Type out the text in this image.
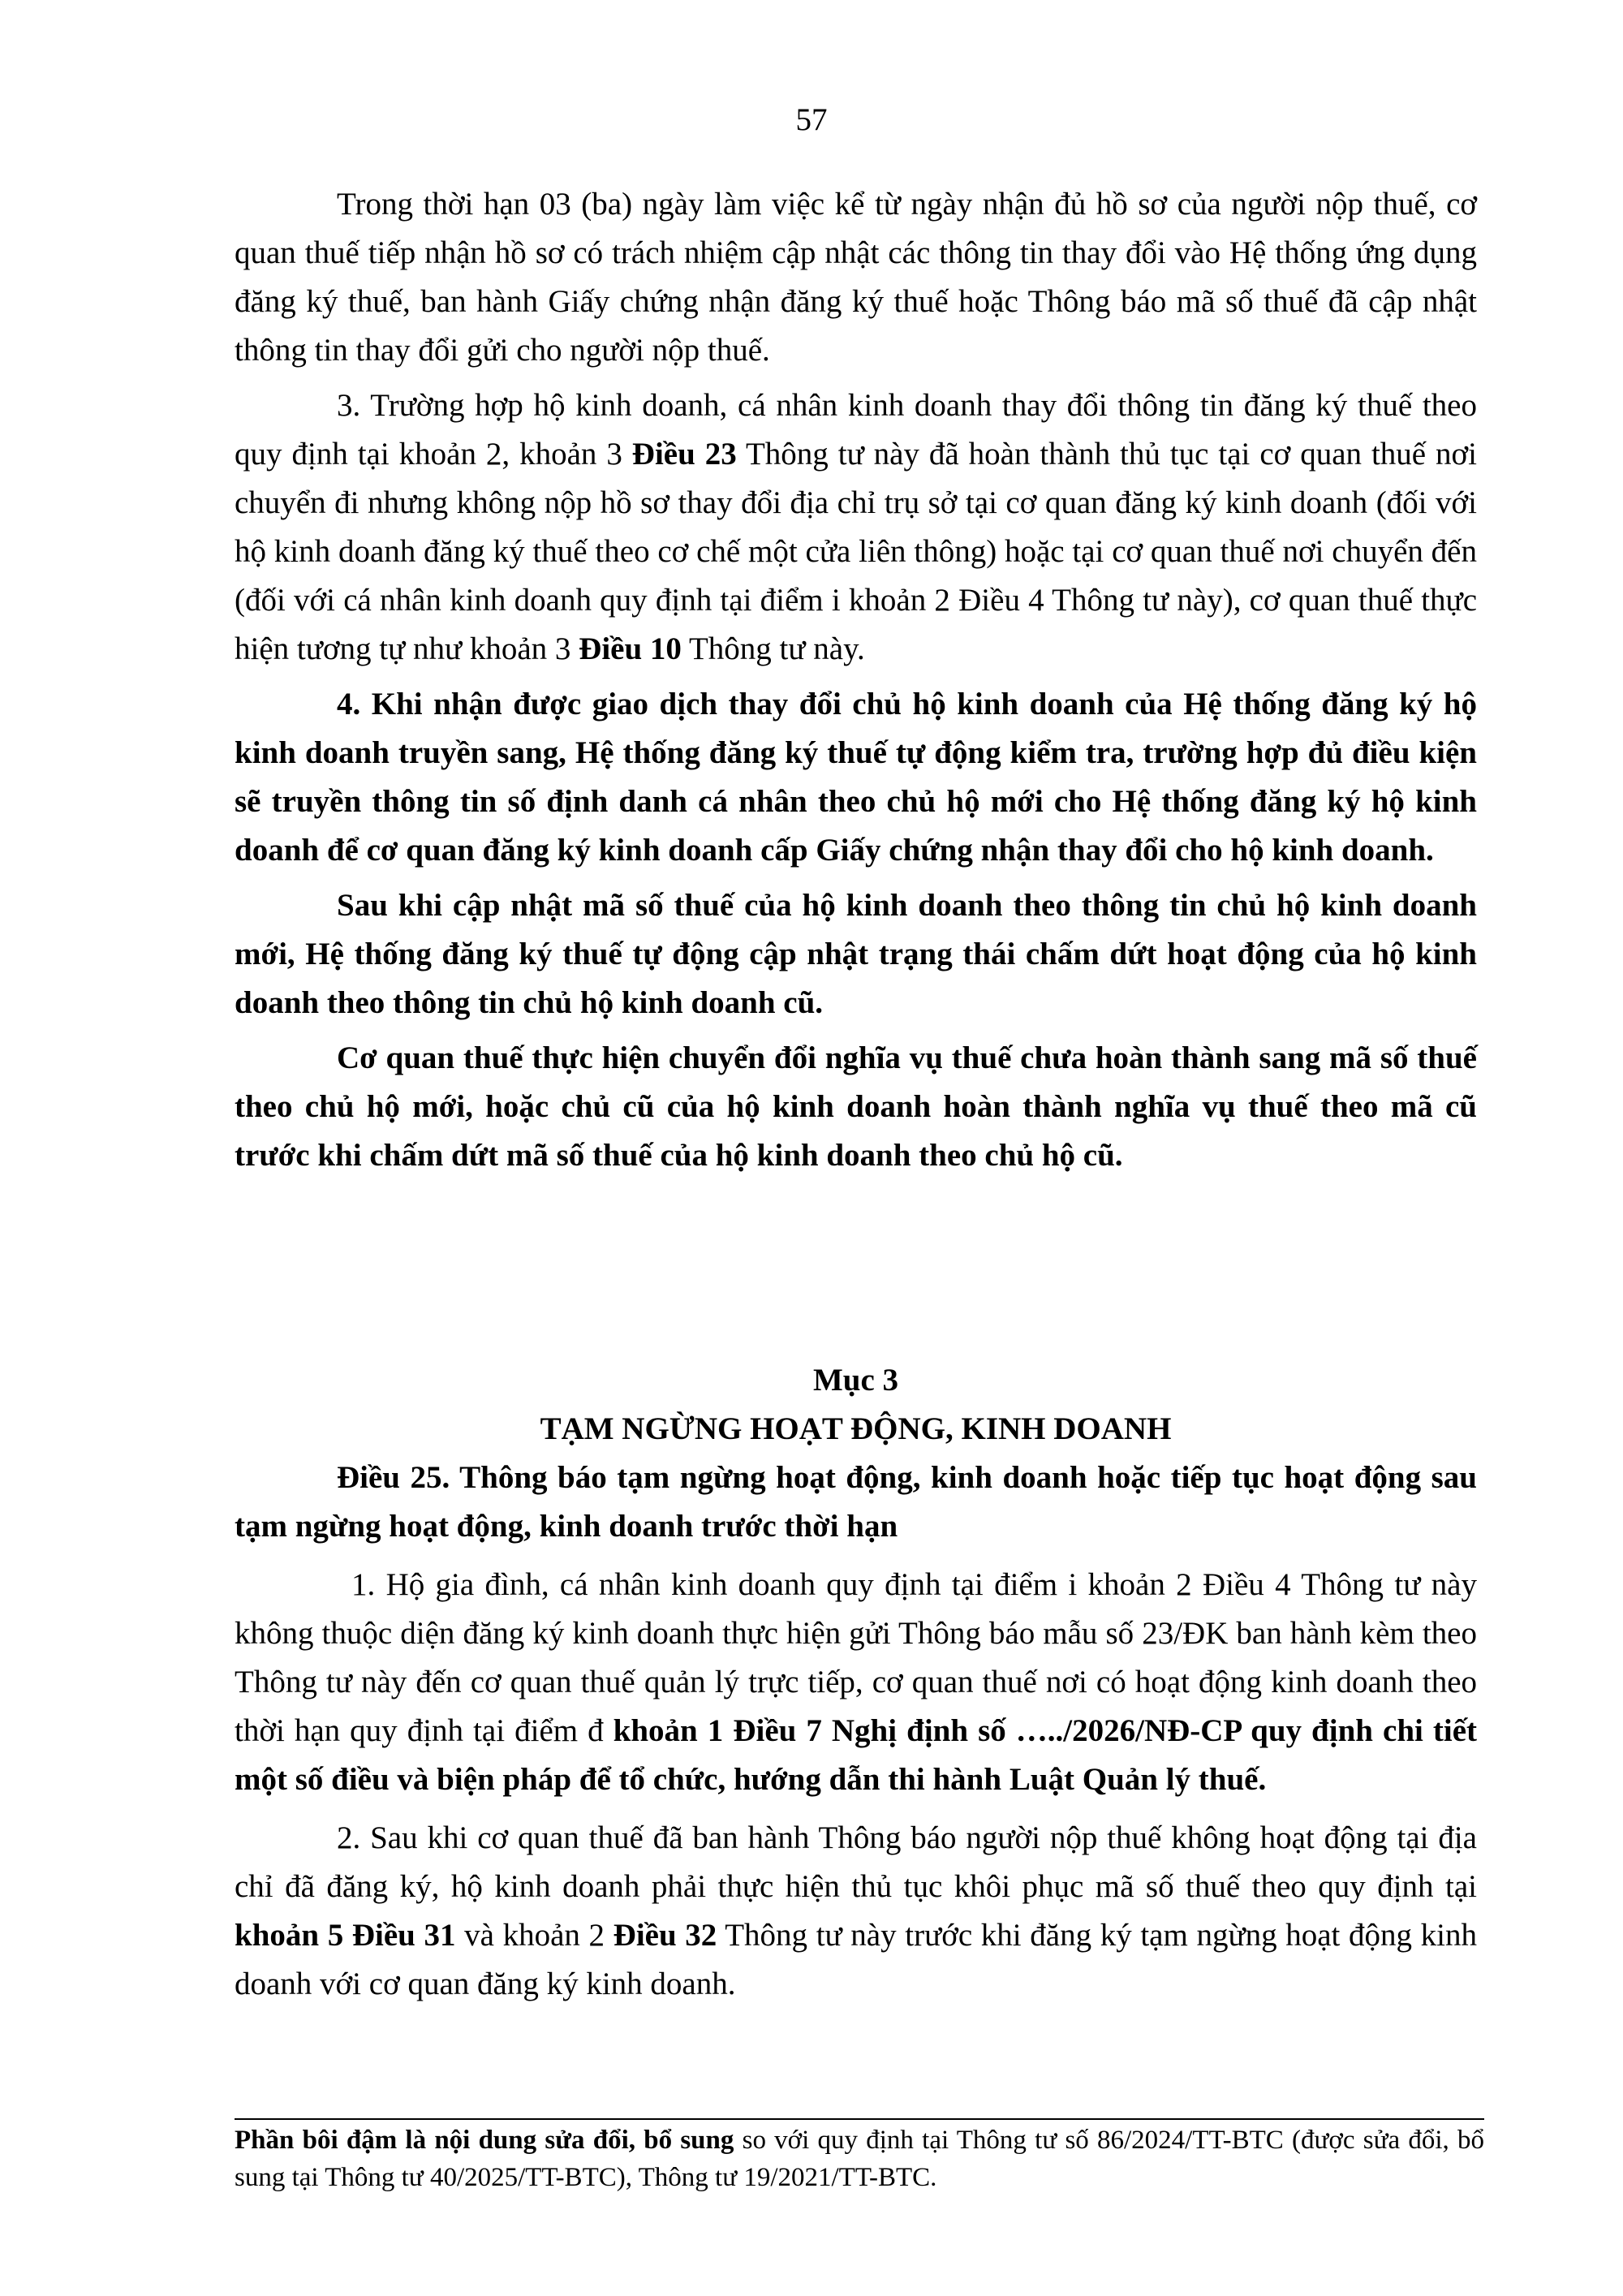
57

Trong thời hạn 03 (ba) ngày làm việc kể từ ngày nhận đủ hồ sơ của người nộp thuế, cơ quan thuế tiếp nhận hồ sơ có trách nhiệm cập nhật các thông tin thay đổi vào Hệ thống ứng dụng đăng ký thuế, ban hành Giấy chứng nhận đăng ký thuế hoặc Thông báo mã số thuế đã cập nhật thông tin thay đổi gửi cho người nộp thuế.

3. Trường hợp hộ kinh doanh, cá nhân kinh doanh thay đổi thông tin đăng ký thuế theo quy định tại khoản 2, khoản 3 Điều 23 Thông tư này đã hoàn thành thủ tục tại cơ quan thuế nơi chuyển đi nhưng không nộp hồ sơ thay đổi địa chỉ trụ sở tại cơ quan đăng ký kinh doanh (đối với hộ kinh doanh đăng ký thuế theo cơ chế một cửa liên thông) hoặc tại cơ quan thuế nơi chuyển đến (đối với cá nhân kinh doanh quy định tại điểm i khoản 2 Điều 4 Thông tư này), cơ quan thuế thực hiện tương tự như khoản 3 Điều 10 Thông tư này.

4. Khi nhận được giao dịch thay đổi chủ hộ kinh doanh của Hệ thống đăng ký hộ kinh doanh truyền sang, Hệ thống đăng ký thuế tự động kiểm tra, trường hợp đủ điều kiện sẽ truyền thông tin số định danh cá nhân theo chủ hộ mới cho Hệ thống đăng ký hộ kinh doanh để cơ quan đăng ký kinh doanh cấp Giấy chứng nhận thay đổi cho hộ kinh doanh.

Sau khi cập nhật mã số thuế của hộ kinh doanh theo thông tin chủ hộ kinh doanh mới, Hệ thống đăng ký thuế tự động cập nhật trạng thái chấm dứt hoạt động của hộ kinh doanh theo thông tin chủ hộ kinh doanh cũ.

Cơ quan thuế thực hiện chuyển đổi nghĩa vụ thuế chưa hoàn thành sang mã số thuế theo chủ hộ mới, hoặc chủ cũ của hộ kinh doanh hoàn thành nghĩa vụ thuế theo mã cũ trước khi chấm dứt mã số thuế của hộ kinh doanh theo chủ hộ cũ.

Mục 3

TẠM NGỪNG HOẠT ĐỘNG, KINH DOANH

Điều 25. Thông báo tạm ngừng hoạt động, kinh doanh hoặc tiếp tục hoạt động sau tạm ngừng hoạt động, kinh doanh trước thời hạn

1. Hộ gia đình, cá nhân kinh doanh quy định tại điểm i khoản 2 Điều 4 Thông tư này không thuộc diện đăng ký kinh doanh thực hiện gửi Thông báo mẫu số 23/ĐK ban hành kèm theo Thông tư này đến cơ quan thuế quản lý trực tiếp, cơ quan thuế nơi có hoạt động kinh doanh theo thời hạn quy định tại điểm đ khoản 1 Điều 7 Nghị định số …../2026/NĐ-CP quy định chi tiết một số điều và biện pháp để tổ chức, hướng dẫn thi hành Luật Quản lý thuế.

2. Sau khi cơ quan thuế đã ban hành Thông báo người nộp thuế không hoạt động tại địa chỉ đã đăng ký, hộ kinh doanh phải thực hiện thủ tục khôi phục mã số thuế theo quy định tại khoản 5 Điều 31 và khoản 2 Điều 32 Thông tư này trước khi đăng ký tạm ngừng hoạt động kinh doanh với cơ quan đăng ký kinh doanh.

Phần bôi đậm là nội dung sửa đổi, bổ sung so với quy định tại Thông tư số 86/2024/TT-BTC (được sửa đổi, bổ sung tại Thông tư 40/2025/TT-BTC), Thông tư 19/2021/TT-BTC.
